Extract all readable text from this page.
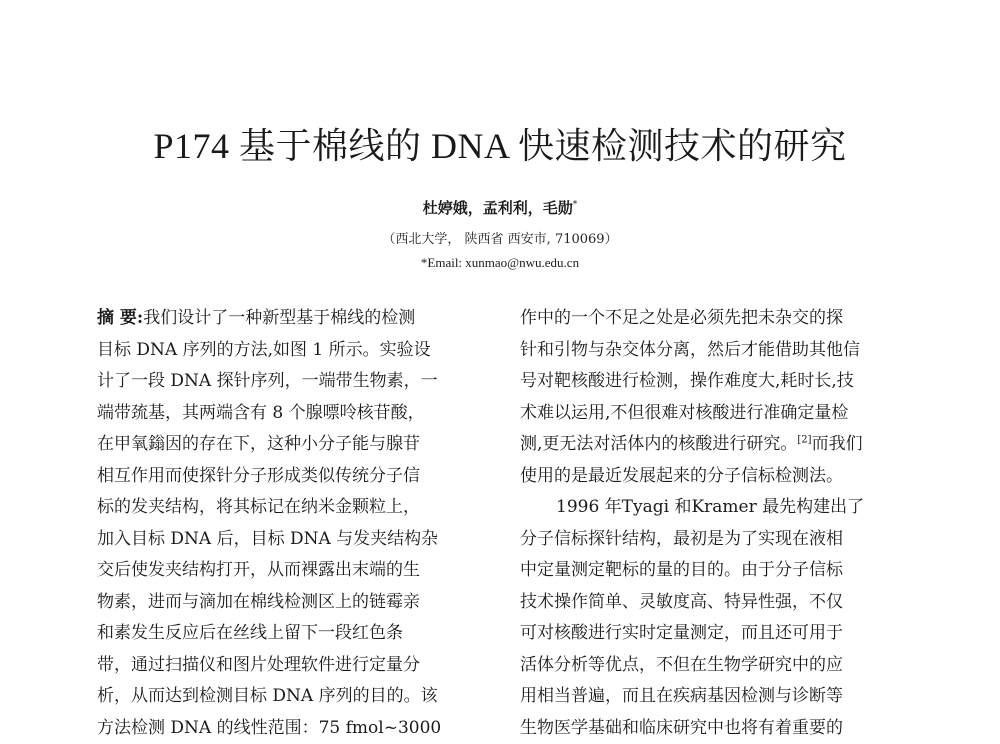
P174 基于棉线的 DNA 快速检测技术的研究
杜婷娥，孟利利，毛勋*
（西北大学， 陕西省 西安市, 710069）
*Email: xunmao@nwu.edu.cn

摘 要:我们设计了一种新型基于棉线的检测

目标 DNA 序列的方法,如图 1 所示。实验设

计了一段 DNA 探针序列，一端带生物素，一

端带巯基，其两端含有 8 个腺嘌呤核苷酸，

在甲氧鎓因的存在下，这种小分子能与腺苷

相互作用而使探针分子形成类似传统分子信

标的发夹结构，将其标记在纳米金颗粒上，

加入目标 DNA 后，目标 DNA 与发夹结构杂

交后使发夹结构打开，从而裸露出末端的生

物素，进而与滴加在棉线检测区上的链霉亲

和素发生反应后在丝线上留下一段红色条

带，通过扫描仪和图片处理软件进行定量分

析，从而达到检测目标 DNA 序列的目的。该

方法检测 DNA 的线性范围：75 fmol~3000

作中的一个不足之处是必须先把未杂交的探

针和引物与杂交体分离，然后才能借助其他信

号对靶核酸进行检测，操作难度大,耗时长,技

术难以运用,不但很难对核酸进行准确定量检

测,更无法对活体内的核酸进行研究。[2]而我们

使用的是最近发展起来的分子信标检测法。

1996 年Tyagi 和Kramer 最先构建出了

分子信标探针结构，最初是为了实现在液相

中定量测定靶标的量的目的。由于分子信标

技术操作简单、灵敏度高、特异性强，不仅

可对核酸进行实时定量测定，而且还可用于

活体分析等优点，不但在生物学研究中的应

用相当普遍，而且在疾病基因检测与诊断等

生物医学基础和临床研究中也将有着重要的
